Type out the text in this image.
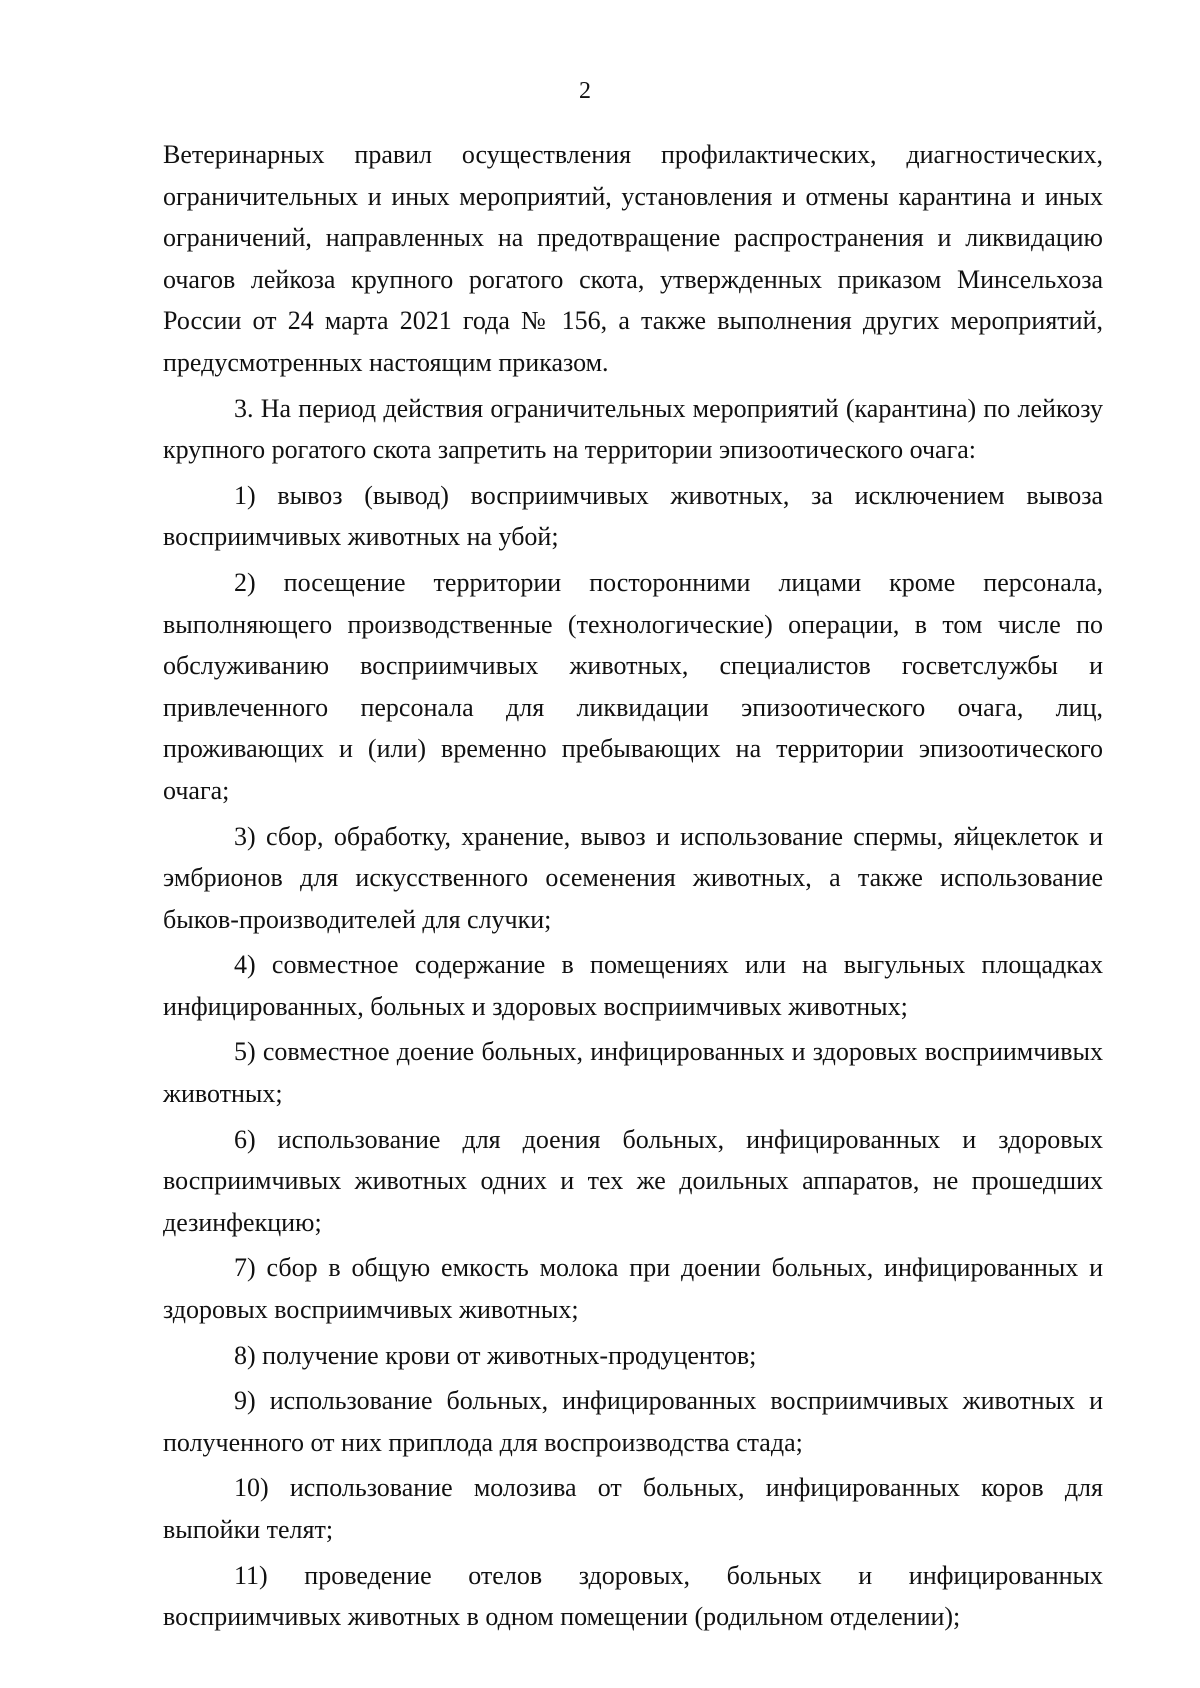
2

Ветеринарных правил осуществления профилактических, диагностических, ограничительных и иных мероприятий, установления и отмены карантина и иных ограничений, направленных на предотвращение распространения и ликвидацию очагов лейкоза крупного рогатого скота, утвержденных приказом Минсельхоза России от 24 марта 2021 года № 156, а также выполнения других мероприятий, предусмотренных настоящим приказом.

3. На период действия ограничительных мероприятий (карантина) по лейкозу крупного рогатого скота запретить на территории эпизоотического очага:

1) вывоз (вывод) восприимчивых животных, за исключением вывоза восприимчивых животных на убой;

2) посещение территории посторонними лицами кроме персонала, выполняющего производственные (технологические) операции, в том числе по обслуживанию восприимчивых животных, специалистов госветслужбы и привлеченного персонала для ликвидации эпизоотического очага, лиц, проживающих и (или) временно пребывающих на территории эпизоотического очага;

3) сбор, обработку, хранение, вывоз и использование спермы, яйцеклеток и эмбрионов для искусственного осеменения животных, а также использование быков-производителей для случки;

4) совместное содержание в помещениях или на выгульных площадках инфицированных, больных и здоровых восприимчивых животных;

5) совместное доение больных, инфицированных и здоровых восприимчивых животных;

6) использование для доения больных, инфицированных и здоровых восприимчивых животных одних и тех же доильных аппаратов, не прошедших дезинфекцию;

7) сбор в общую емкость молока при доении больных, инфицированных и здоровых восприимчивых животных;

8) получение крови от животных-продуцентов;

9) использование больных, инфицированных восприимчивых животных и полученного от них приплода для воспроизводства стада;

10) использование молозива от больных, инфицированных коров для выпойки телят;

11) проведение отелов здоровых, больных и инфицированных восприимчивых животных в одном помещении (родильном отделении);
